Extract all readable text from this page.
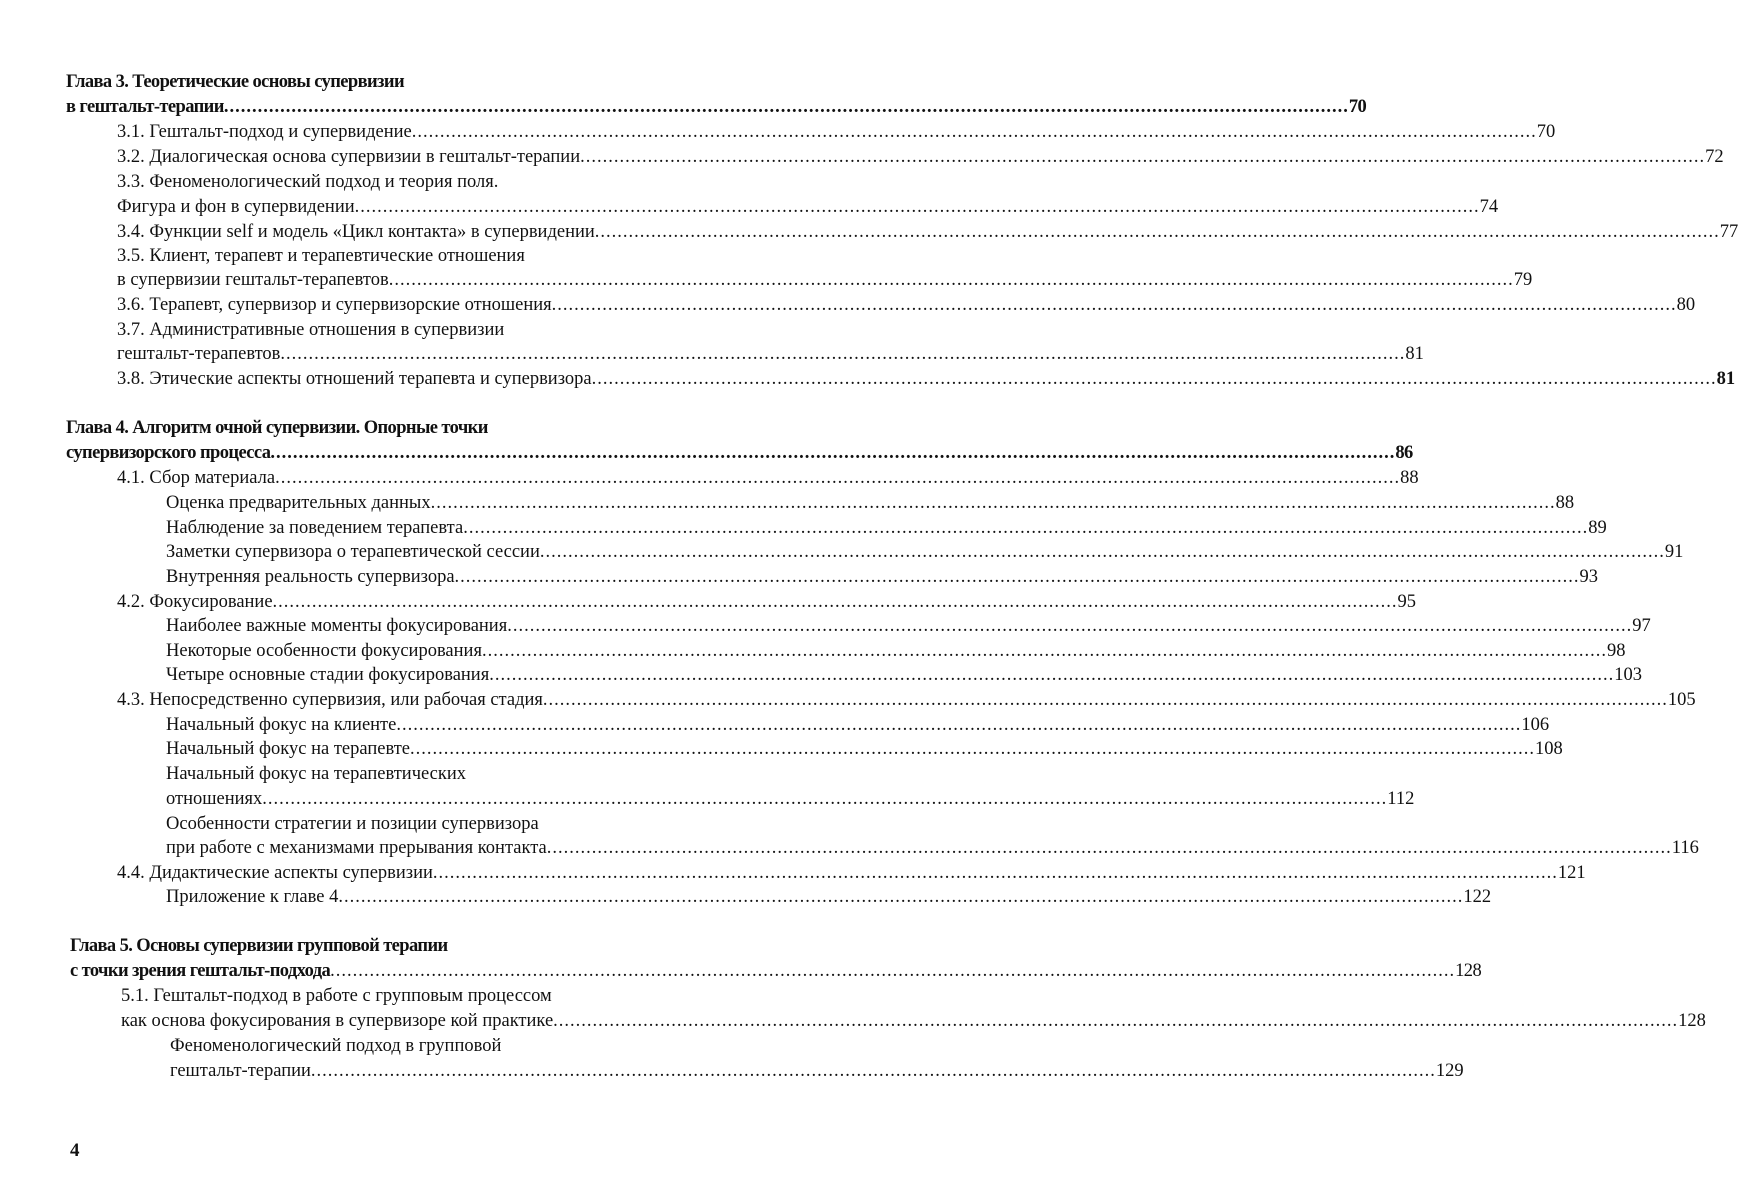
Глава 3. Теоретические основы супервизии
в гештальт-терапии .....	70
3.1. Гештальт-подход и супервидение .....	70
3.2. Диалогическая основа супервизии в гештальт-терапии .....	72
3.3. Феноменологический подход и теория поля.
Фигура и фон в супервидении .....	74
3.4. Функции self и модель «Цикл контакта» в супервидении .....	77
3.5. Клиент, терапевт и терапевтические отношения
в супервизии гештальт-терапевтов .....	79
3.6. Терапевт, супервизор и супервизорские отношения .....	80
3.7. Административные отношения в супервизии
гештальт-терапевтов .....	81
3.8. Этические аспекты отношений терапевта и супервизора .....	81
Глава 4. Алгоритм очной супервизии. Опорные точки
супервизорского процесса .....	86
4.1. Сбор материала .....	88
Оценка предварительных данных .....	88
Наблюдение за поведением терапевта .....	89
Заметки супервизора о терапевтической сессии .....	91
Внутренняя реальность супервизора .....	93
4.2. Фокусирование .....	95
Наиболее важные моменты фокусирования .....	97
Некоторые особенности фокусирования .....	98
Четыре основные стадии фокусирования .....	103
4.3. Непосредственно супервизия, или рабочая стадия .....	105
Начальный фокус на клиенте .....	106
Начальный фокус на терапевте .....	108
Начальный фокус на терапевтических
отношениях .....	112
Особенности стратегии и позиции супервизора
при работе с механизмами прерывания контакта .....	116
4.4. Дидактические аспекты супервизии .....	121
Приложение к главе 4 .....	122
Глава 5. Основы супервизии групповой терапии
с точки зрения гештальт-подхода .....	128
5.1. Гештальт-подход в работе с групповым процессом
как основа фокусирования в супервизоре кой практике .....	128
Феноменологический подход в групповой
гештальт-терапии .....	129
4
